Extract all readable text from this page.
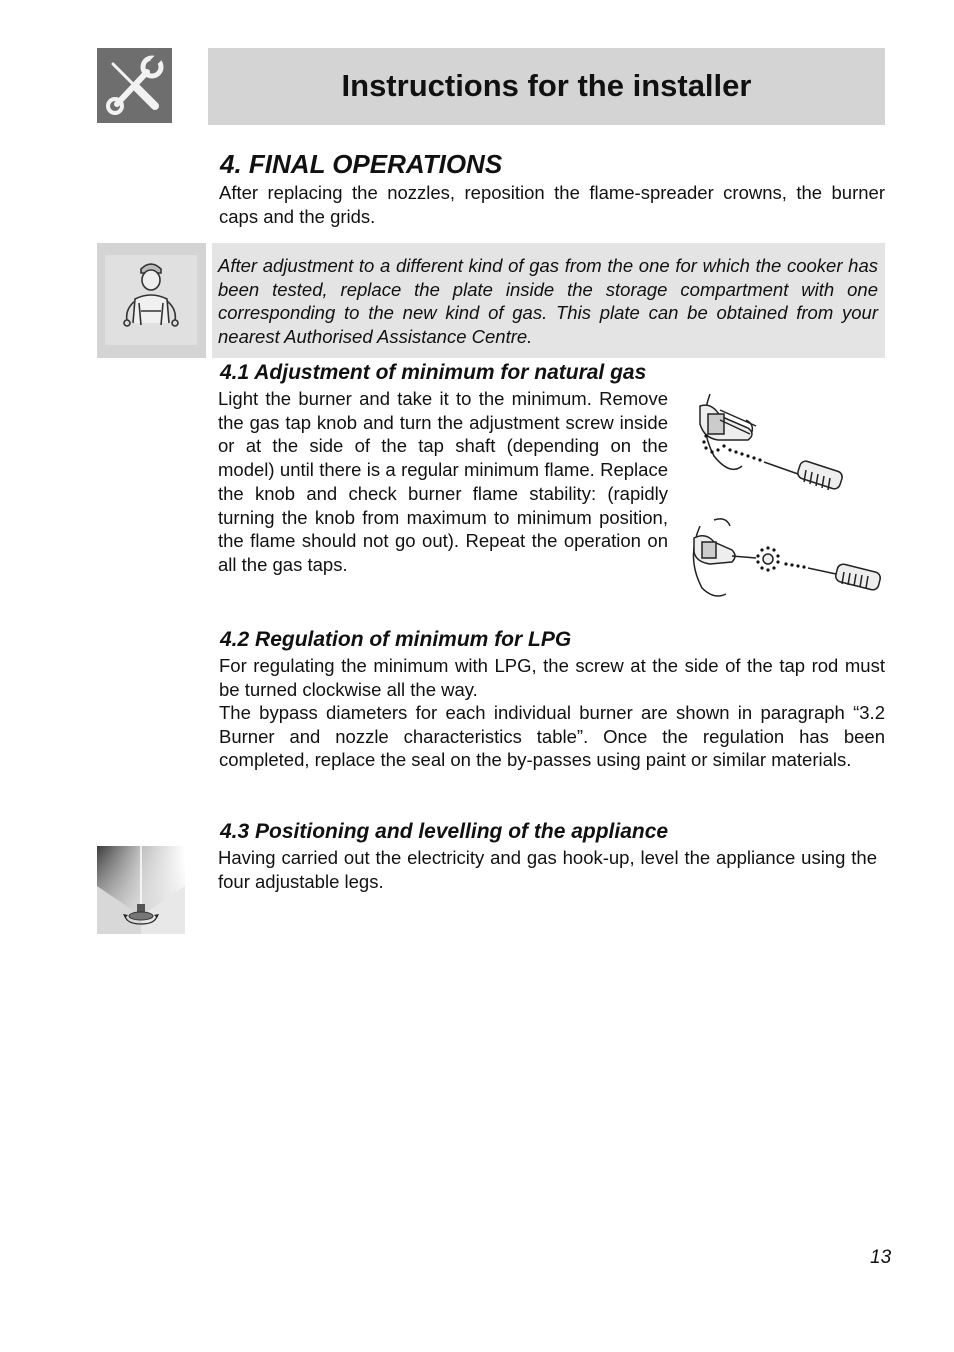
Instructions for the installer
4. FINAL OPERATIONS
After replacing the nozzles, reposition the flame-spreader crowns, the burner caps and the grids.
After adjustment to a different kind of gas from the one for which the cooker has been tested, replace the plate inside the storage compartment with one corresponding to the new kind of gas. This plate can be obtained from your nearest Authorised Assistance Centre.
4.1 Adjustment of minimum for natural gas
Light the burner and take it to the minimum. Remove the gas tap knob and turn the adjustment screw inside or at the side of the tap shaft (depending on the model) until there is a regular minimum flame. Replace the knob and check burner flame stability: (rapidly turning the knob from maximum to minimum position, the flame should not go out). Repeat the operation on all the gas taps.
4.2 Regulation of minimum for LPG
For regulating the minimum with LPG, the screw at the side of the tap rod must be turned clockwise all the way.
The bypass diameters for each individual burner are shown in paragraph “3.2 Burner and nozzle characteristics table”. Once the regulation has been completed, replace the seal on the by-passes using paint or similar materials.
4.3 Positioning and levelling of the appliance
Having carried out the electricity and gas hook-up, level the appliance using the four adjustable legs.
13
